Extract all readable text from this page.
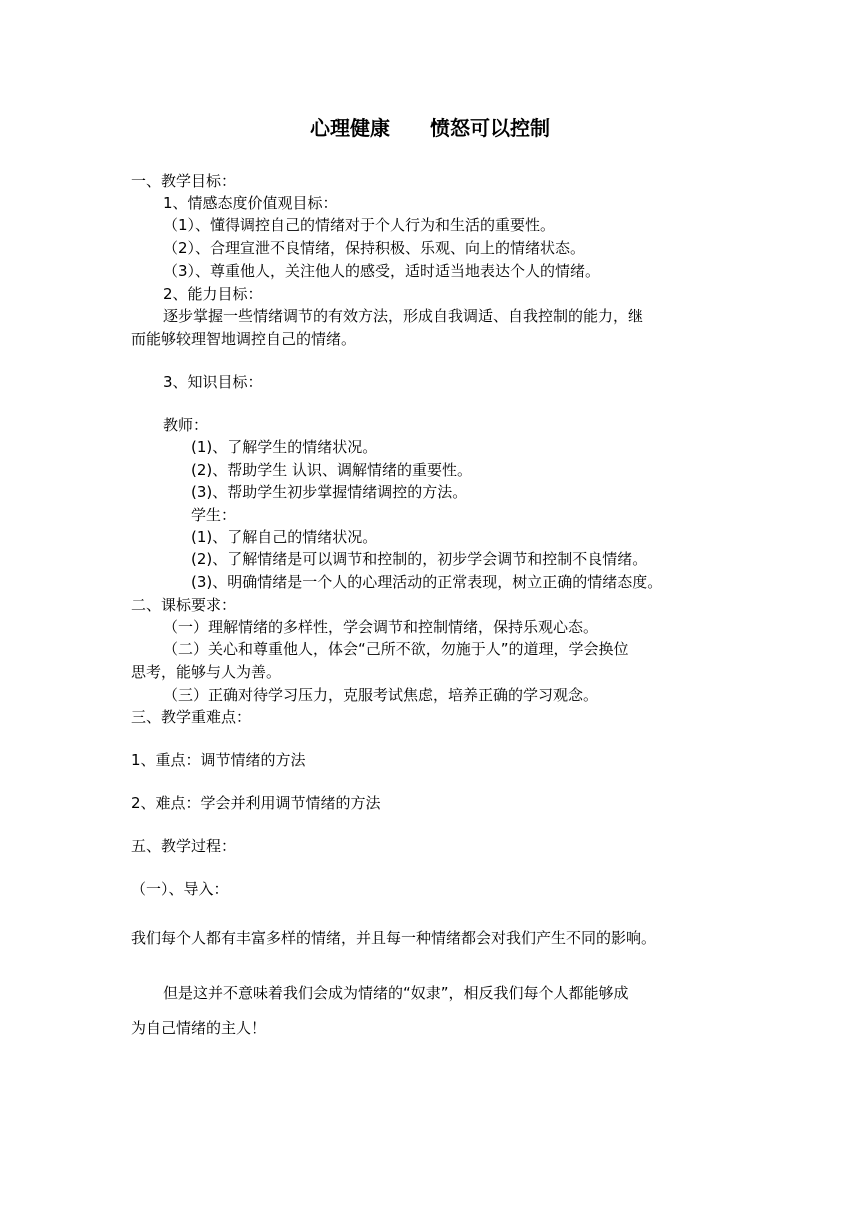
心理健康　　愤怒可以控制
一、教学目标：
1、情感态度价值观目标：
（1）、懂得调控自己的情绪对于个人行为和生活的重要性。
（2）、合理宣泄不良情绪，保持积极、乐观、向上的情绪状态。
（3）、尊重他人，关注他人的感受，适时适当地表达个人的情绪。
2、能力目标：
逐步掌握一些情绪调节的有效方法，形成自我调适、自我控制的能力，继
而能够较理智地调控自己的情绪。
3、知识目标：
教师：
(1)、了解学生的情绪状况。
(2)、帮助学生 认识、调解情绪的重要性。
(3)、帮助学生初步掌握情绪调控的方法。
学生：
(1)、了解自己的情绪状况。
(2)、了解情绪是可以调节和控制的，初步学会调节和控制不良情绪。
(3)、明确情绪是一个人的心理活动的正常表现，树立正确的情绪态度。
二、课标要求：
（一）理解情绪的多样性，学会调节和控制情绪，保持乐观心态。
（二）关心和尊重他人，体会“己所不欲，勿施于人”的道理，学会换位
思考，能够与人为善。
（三）正确对待学习压力，克服考试焦虑，培养正确的学习观念。
三、教学重难点：
1、重点：调节情绪的方法
2、难点：学会并利用调节情绪的方法
五、教学过程：
（一）、导入：
我们每个人都有丰富多样的情绪，并且每一种情绪都会对我们产生不同的影响。
但是这并不意味着我们会成为情绪的“奴隶”，相反我们每个人都能够成
为自己情绪的主人！
